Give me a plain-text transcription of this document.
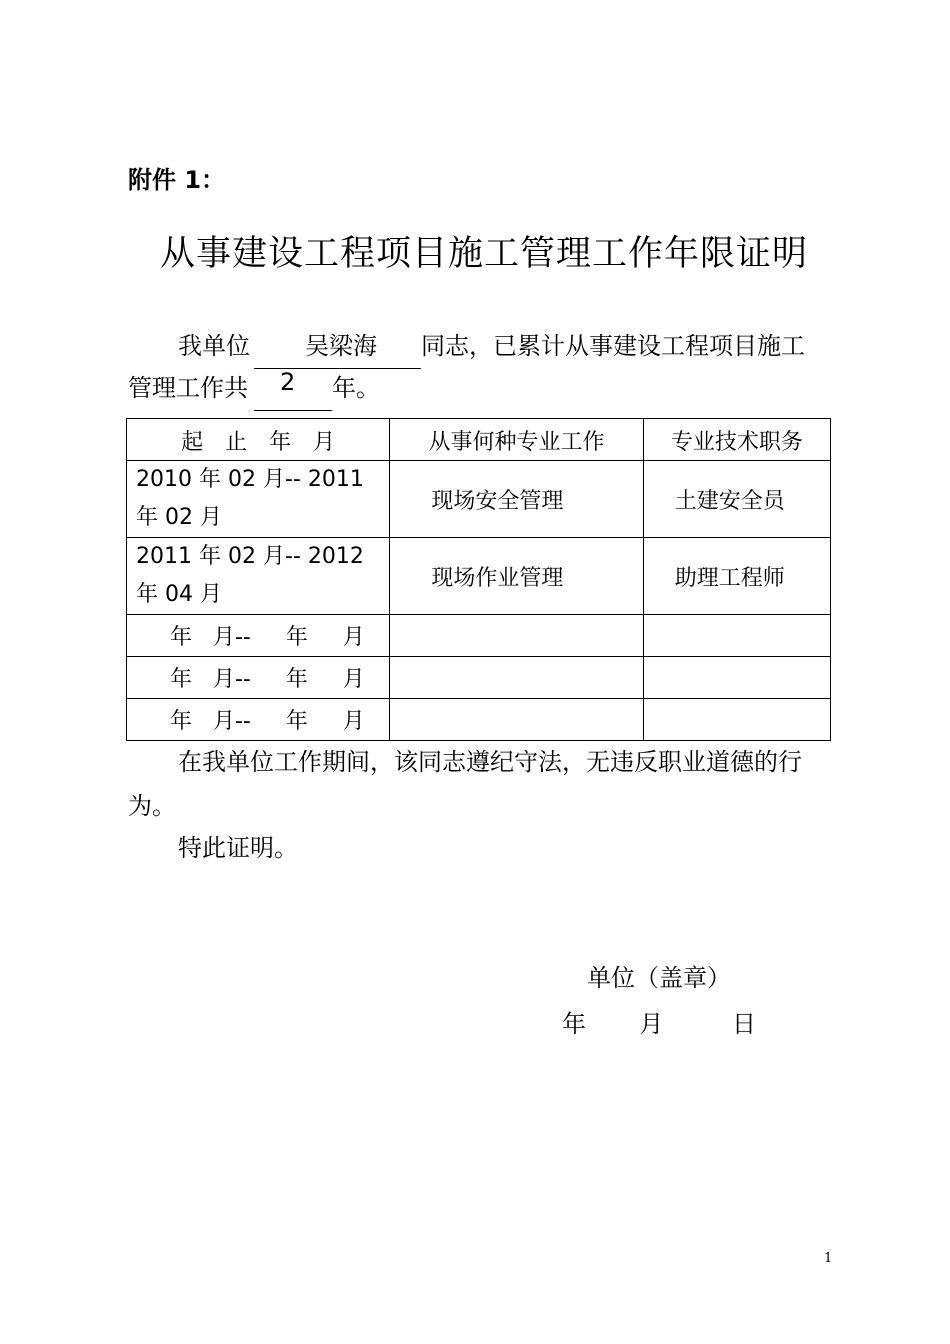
附件 1：
从事建设工程项目施工管理工作年限证明
我单位 吴梁海 同志，已累计从事建设工程项目施工
管理工作共 2 年。
起　止　年　月	从事何种专业工作	专业技术职务
2010 年 02 月-- 2011 年 02 月	现场安全管理	土建安全员
2011 年 02 月-- 2012 年 04 月	现场作业管理	助理工程师
年   月--     年     月		
年   月--     年     月		
年   月--     年     月		
在我单位工作期间，该同志遵纪守法，无违反职业道德的行为。
特此证明。
单位（盖章）
年       月         日
1
